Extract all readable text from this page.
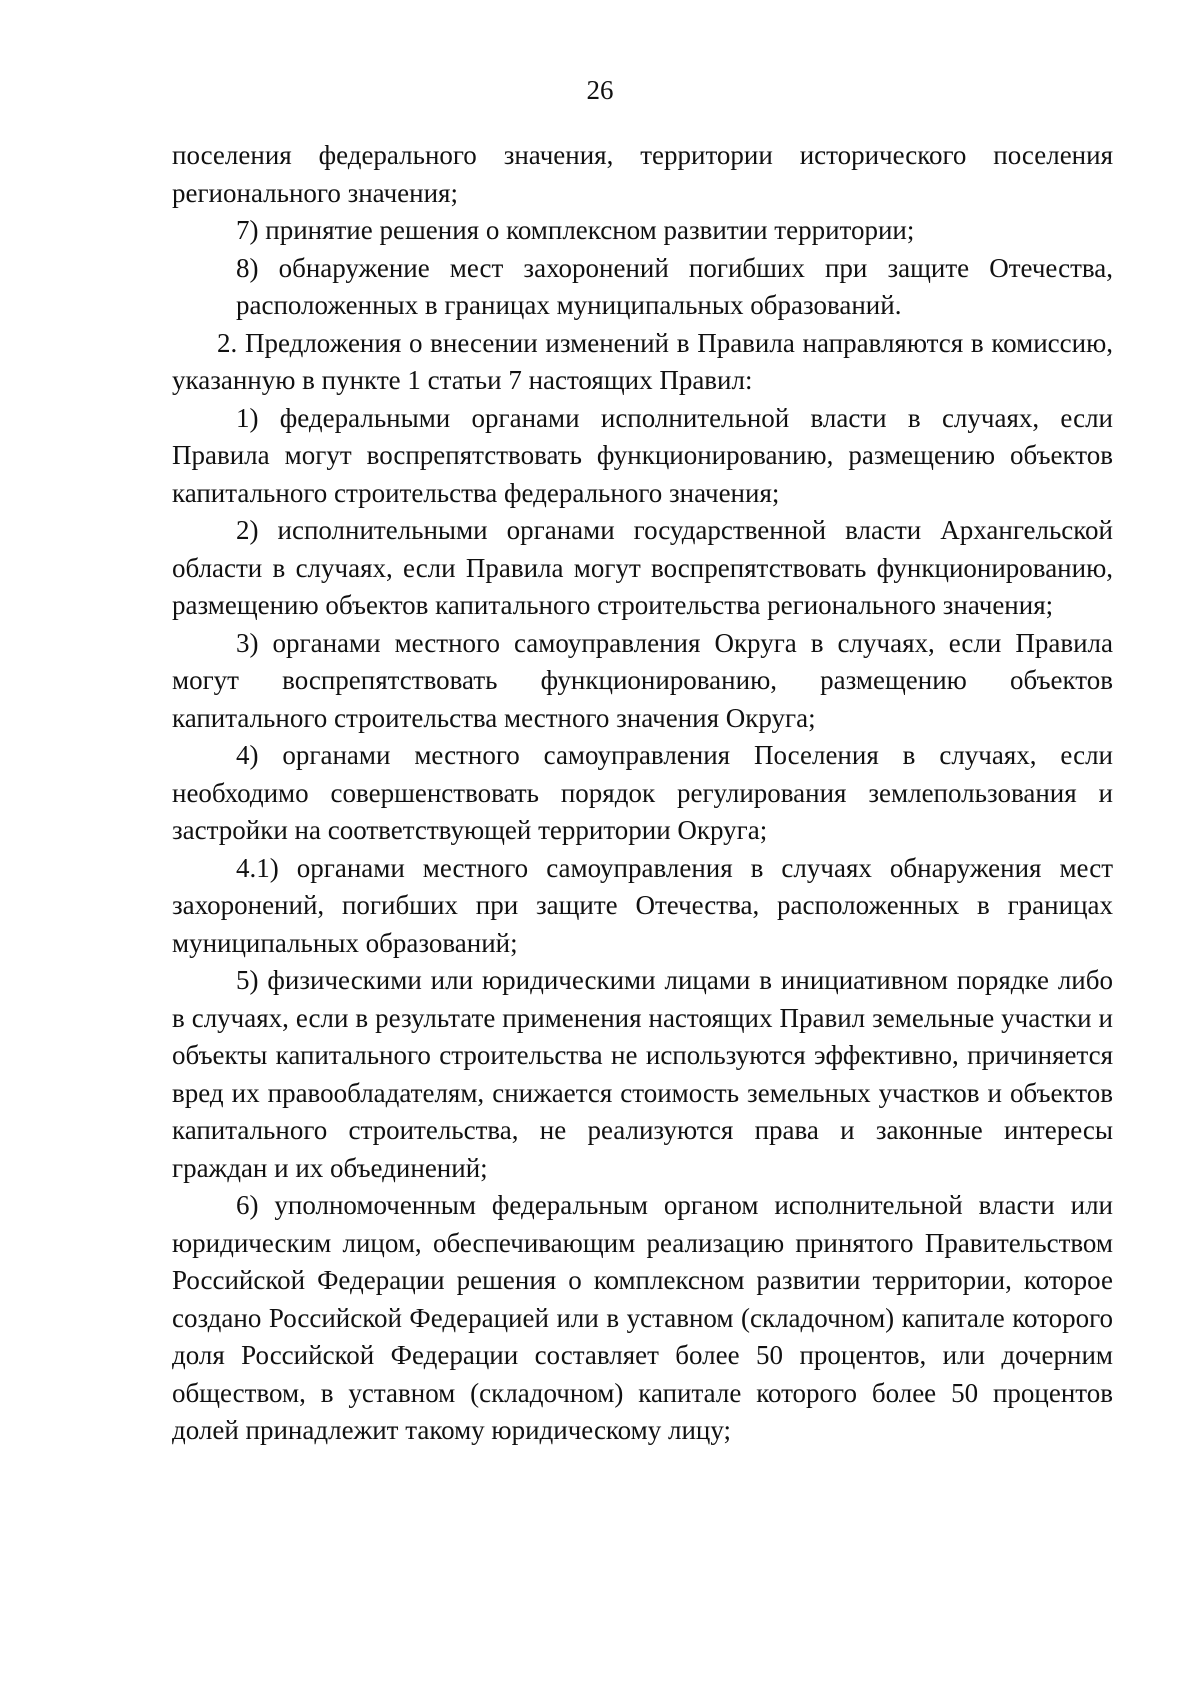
26

поселения федерального значения, территории исторического поселения регионального значения;

7) принятие решения о комплексном развитии территории;

8) обнаружение мест захоронений погибших при защите Отечества, расположенных в границах муниципальных образований.

2. Предложения о внесении изменений в Правила направляются в комиссию, указанную в пункте 1 статьи 7 настоящих Правил:

1) федеральными органами исполнительной власти в случаях, если Правила могут воспрепятствовать функционированию, размещению объектов капитального строительства федерального значения;

2) исполнительными органами государственной власти Архангельской области в случаях, если Правила могут воспрепятствовать функционированию, размещению объектов капитального строительства регионального значения;

3) органами местного самоуправления Округа в случаях, если Правила могут воспрепятствовать функционированию, размещению объектов капитального строительства местного значения Округа;

4) органами местного самоуправления Поселения в случаях, если необходимо совершенствовать порядок регулирования землепользования и застройки на соответствующей территории Округа;

4.1) органами местного самоуправления в случаях обнаружения мест захоронений, погибших при защите Отечества, расположенных в границах муниципальных образований;

5) физическими или юридическими лицами в инициативном порядке либо в случаях, если в результате применения настоящих Правил земельные участки и объекты капитального строительства не используются эффективно, причиняется вред их правообладателям, снижается стоимость земельных участков и объектов капитального строительства, не реализуются права и законные интересы граждан и их объединений;

6) уполномоченным федеральным органом исполнительной власти или юридическим лицом, обеспечивающим реализацию принятого Правительством Российской Федерации решения о комплексном развитии территории, которое создано Российской Федерацией или в уставном (складочном) капитале которого доля Российской Федерации составляет более 50 процентов, или дочерним обществом, в уставном (складочном) капитале которого более 50 процентов долей принадлежит такому юридическому лицу;
